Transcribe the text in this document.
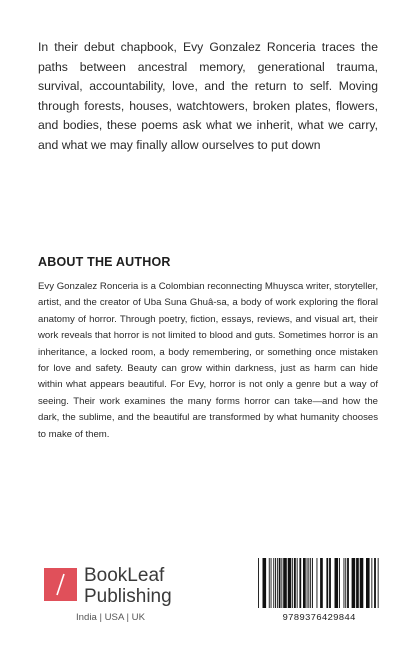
In their debut chapbook, Evy Gonzalez Ronceria traces the paths between ancestral memory, generational trauma, survival, accountability, love, and the return to self. Moving through forests, houses, watchtowers, broken plates, flowers, and bodies, these poems ask what we inherit, what we carry, and what we may finally allow ourselves to put down

ABOUT THE AUTHOR

Evy Gonzalez Ronceria is a Colombian reconnecting Mhuysca writer, storyteller, artist, and the creator of Uba Suna Ghuâ-sa, a body of work exploring the floral anatomy of horror. Through poetry, fiction, essays, reviews, and visual art, their work reveals that horror is not limited to blood and guts. Sometimes horror is an inheritance, a locked room, a body remembering, or something once mistaken for love and safety. Beauty can grow within darkness, just as harm can hide within what appears beautiful. For Evy, horror is not only a genre but a way of seeing. Their work examines the many forms horror can take—and how the dark, the sublime, and the beautiful are transformed by what humanity chooses to make of them.

BookLeaf
Publishing
India | USA | UK	9789376429844
